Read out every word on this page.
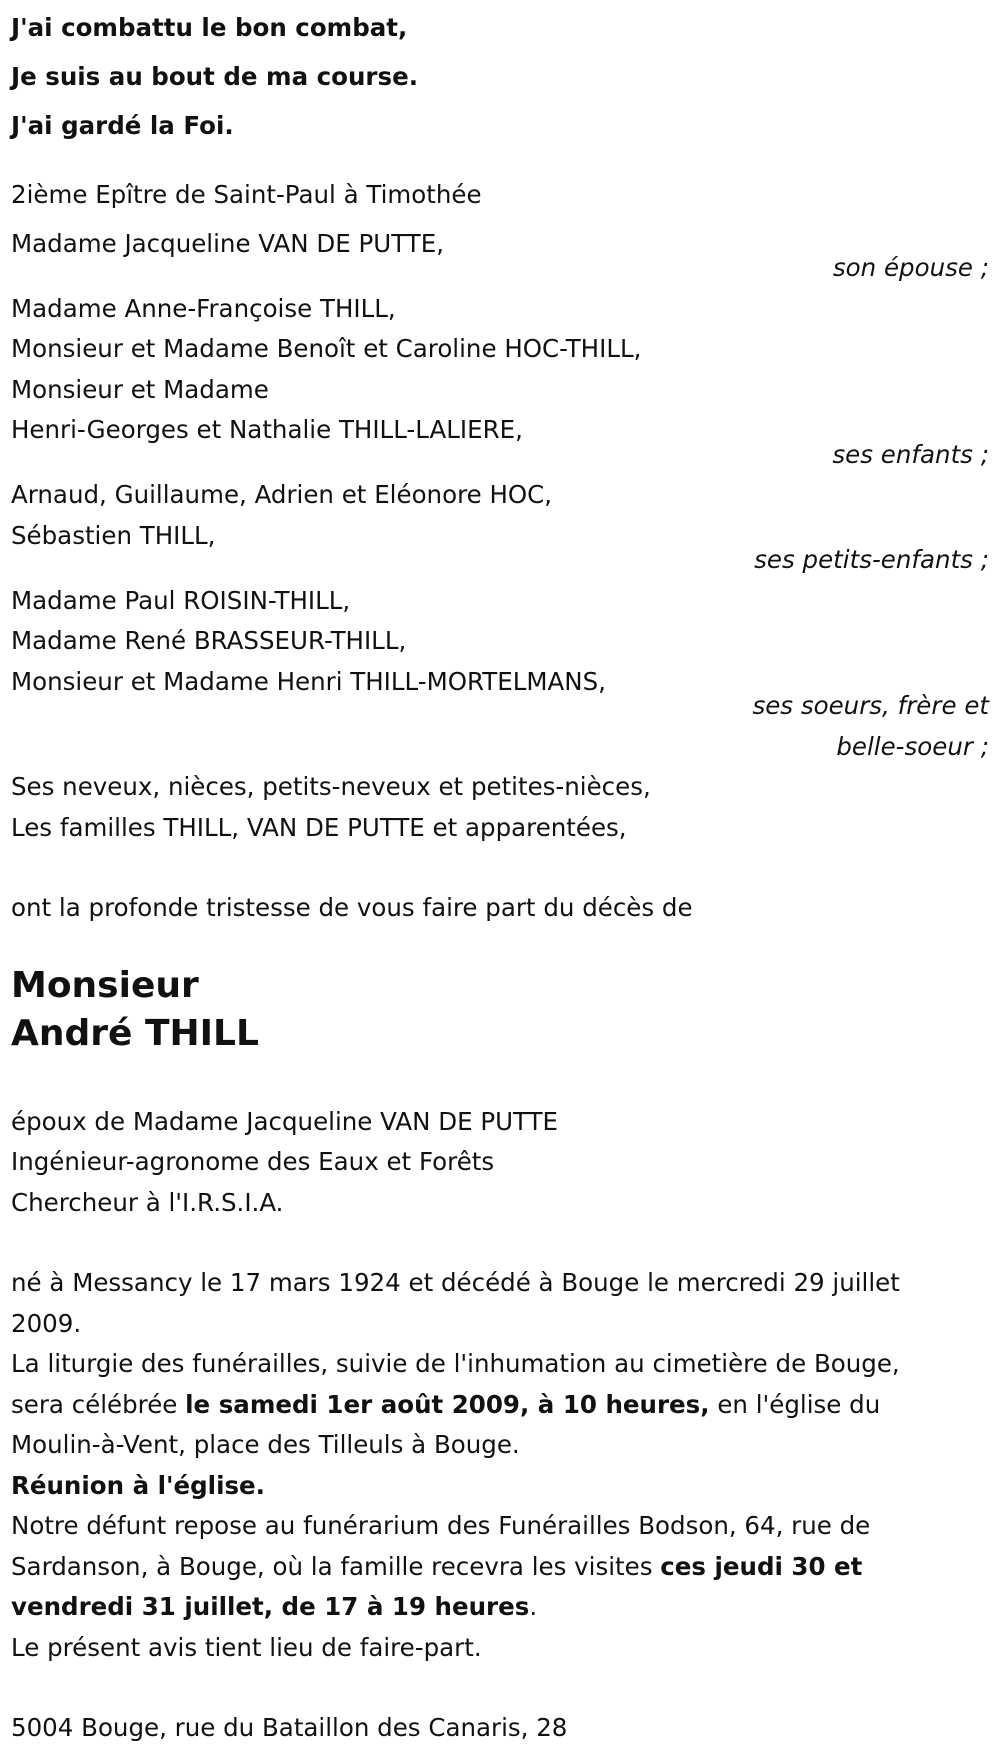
J'ai combattu le bon combat,
Je suis au bout de ma course.
J'ai gardé la Foi.
2ième Epître de Saint-Paul à Timothée
Madame Jacqueline VAN DE PUTTE,
son épouse ;
Madame Anne-Françoise THILL,
Monsieur et Madame Benoît et Caroline HOC-THILL,
Monsieur et Madame
Henri-Georges et Nathalie THILL-LALIERE,
ses enfants ;
Arnaud, Guillaume, Adrien et Eléonore HOC,
Sébastien THILL,
ses petits-enfants ;
Madame Paul ROISIN-THILL,
Madame René BRASSEUR-THILL,
Monsieur et Madame Henri THILL-MORTELMANS,
ses soeurs, frère et
belle-soeur ;
Ses neveux, nièces, petits-neveux et petites-nièces,
Les familles THILL, VAN DE PUTTE et apparentées,
ont la profonde tristesse de vous faire part du décès de
Monsieur
André THILL
époux de Madame Jacqueline VAN DE PUTTE
Ingénieur-agronome des Eaux et Forêts
Chercheur à l'I.R.S.I.A.
né à Messancy le 17 mars 1924 et décédé à Bouge le mercredi 29 juillet
2009.
La liturgie des funérailles, suivie de l'inhumation au cimetière de Bouge,
sera célébrée le samedi 1er août 2009, à 10 heures, en l'église du
Moulin-à-Vent, place des Tilleuls à Bouge.
Réunion à l'église.
Notre défunt repose au funérarium des Funérailles Bodson, 64, rue de
Sardanson, à Bouge, où la famille recevra les visites ces jeudi 30 et
vendredi 31 juillet, de 17 à 19 heures.
Le présent avis tient lieu de faire-part.
5004 Bouge, rue du Bataillon des Canaris, 28
